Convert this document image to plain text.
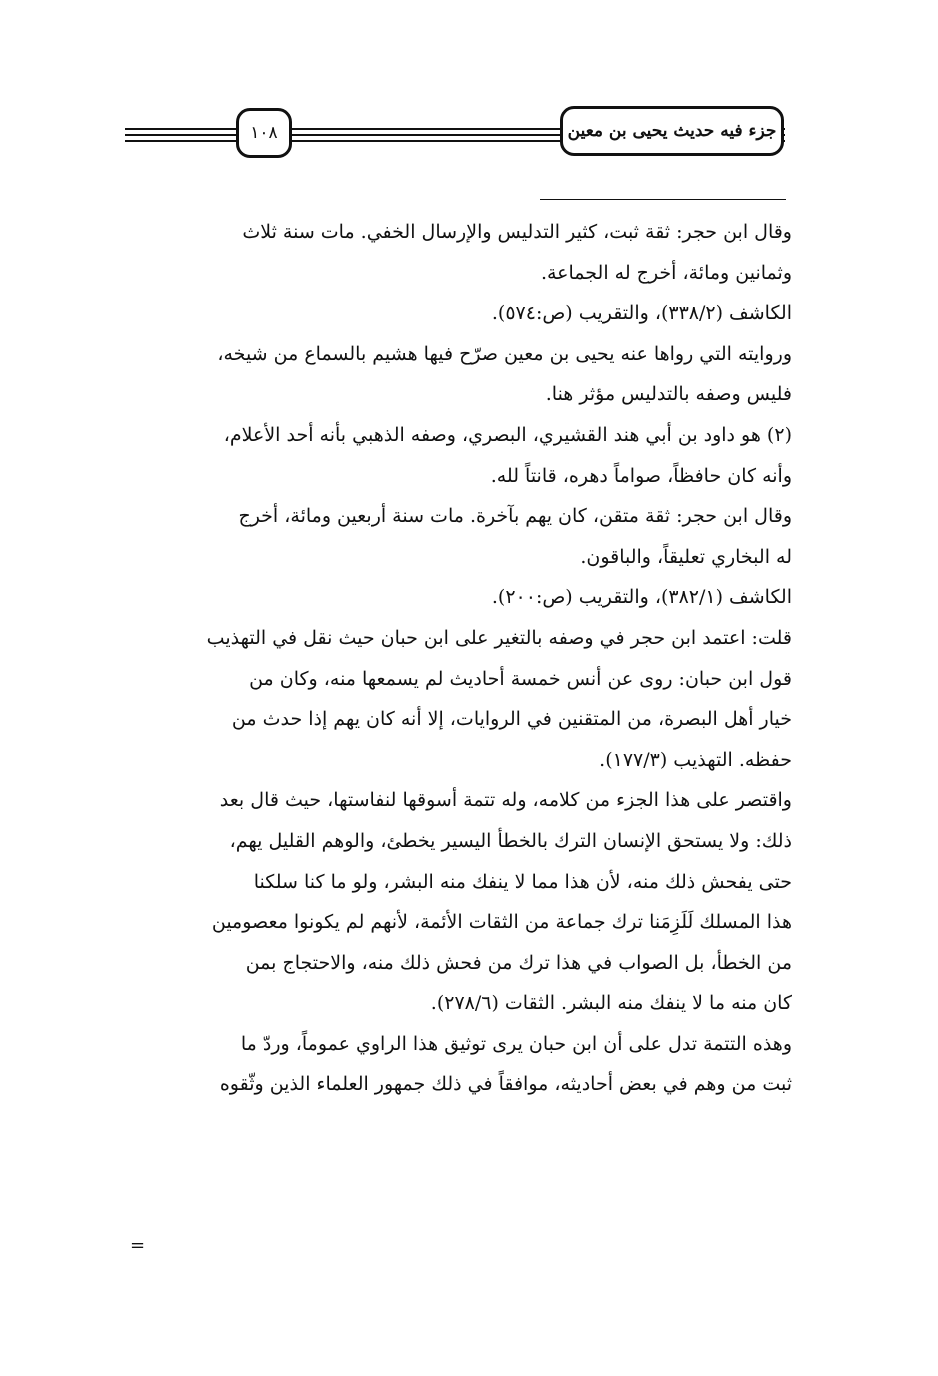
جزء فيه حديث يحيى بن معين
١٠٨
وقال ابن حجر: ثقة ثبت، كثير التدليس والإرسال الخفي. مات سنة ثلاث
وثمانين ومائة، أخرج له الجماعة.
الكاشف (٣٣٨/٢)، والتقريب (ص:٥٧٤).
وروايته التي رواها عنه يحيى بن معين صرّح فيها هشيم بالسماع من شيخه،
فليس وصفه بالتدليس مؤثر هنا.
(٢) هو داود بن أبي هند القشيري، البصري، وصفه الذهبي بأنه أحد الأعلام،
وأنه كان حافظاً، صواماً دهره، قانتاً لله.
وقال ابن حجر: ثقة متقن، كان يهم بآخرة. مات سنة أربعين ومائة، أخرج
له البخاري تعليقاً، والباقون.
الكاشف (٣٨٢/١)، والتقريب (ص:٢٠٠).
قلت: اعتمد ابن حجر في وصفه بالتغير على ابن حبان حيث نقل في التهذيب
قول ابن حبان: روى عن أنس خمسة أحاديث لم يسمعها منه، وكان من
خيار أهل البصرة، من المتقنين في الروايات، إلا أنه كان يهم إذا حدث من
حفظه. التهذيب (١٧٧/٣).
واقتصر على هذا الجزء من كلامه، وله تتمة أسوقها لنفاستها، حيث قال بعد
ذلك: ولا يستحق الإنسان الترك بالخطأ اليسير يخطئ، والوهم القليل يهم،
حتى يفحش ذلك منه، لأن هذا مما لا ينفك منه البشر، ولو ما كنا سلكنا
هذا المسلك لَلَزِمَنا ترك جماعة من الثقات الأئمة، لأنهم لم يكونوا معصومين
من الخطأ، بل الصواب في هذا ترك من فحش ذلك منه، والاحتجاج بمن
كان منه ما لا ينفك منه البشر. الثقات (٢٧٨/٦).
وهذه التتمة تدل على أن ابن حبان يرى توثيق هذا الراوي عموماً، وردّ ما
ثبت من وهم في بعض أحاديثه، موافقاً في ذلك جمهور العلماء الذين وثّقوه
=
